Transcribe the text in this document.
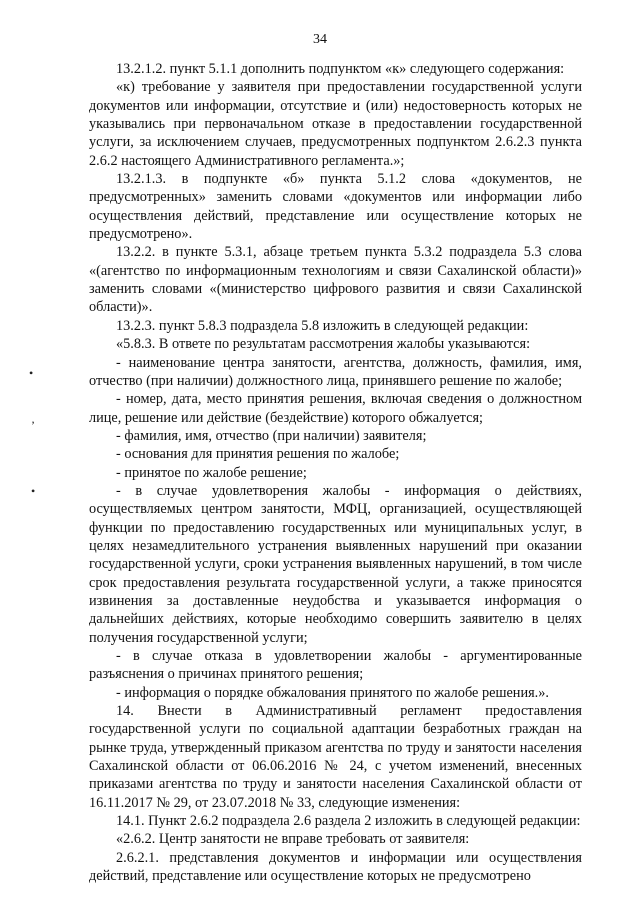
34
•
’
•

13.2.1.2. пункт 5.1.1 дополнить подпунктом «к» следующего содержания:

«к) требование у заявителя при предоставлении государственной услуги документов или информации, отсутствие и (или) недостоверность которых не указывались при первоначальном отказе в предоставлении государственной услуги, за исключением случаев, предусмотренных подпунктом 2.6.2.3 пункта 2.6.2 настоящего Административного регламента.»;

13.2.1.3. в подпункте «б» пункта 5.1.2 слова «документов, не предусмотренных» заменить словами «документов или информации либо осуществления действий, представление или осуществление которых не предусмотрено».

13.2.2. в пункте 5.3.1, абзаце третьем пункта 5.3.2 подраздела 5.3 слова «(агентство по информационным технологиям и связи Сахалинской области)» заменить словами «(министерство цифрового развития и связи Сахалинской области)».

13.2.3. пункт 5.8.3 подраздела 5.8 изложить в следующей редакции:

«5.8.3. В ответе по результатам рассмотрения жалобы указываются:

- наименование центра занятости, агентства, должность, фамилия, имя, отчество (при наличии) должностного лица, принявшего решение по жалобе;

- номер, дата, место принятия решения, включая сведения о должностном лице, решение или действие (бездействие) которого обжалуется;

- фамилия, имя, отчество (при наличии) заявителя;

- основания для принятия решения по жалобе;

- принятое по жалобе решение;

- в случае удовлетворения жалобы - информация о действиях, осуществляемых центром занятости, МФЦ, организацией, осуществляющей функции по предоставлению государственных или муниципальных услуг, в целях незамедлительного устранения выявленных нарушений при оказании государственной услуги, сроки устранения выявленных нарушений, в том числе срок предоставления результата государственной услуги, а также приносятся извинения за доставленные неудобства и указывается информация о дальнейших действиях, которые необходимо совершить заявителю в целях получения государственной услуги;

- в случае отказа в удовлетворении жалобы - аргументированные разъяснения о причинах принятого решения;

- информация о порядке обжалования принятого по жалобе решения.».

14. Внести в Административный регламент предоставления государственной услуги по социальной адаптации безработных граждан на рынке труда, утвержденный приказом агентства по труду и занятости населения Сахалинской области от 06.06.2016 № 24, с учетом изменений, внесенных приказами агентства по труду и занятости населения Сахалинской области от 16.11.2017 № 29, от 23.07.2018 № 33, следующие изменения:

14.1. Пункт 2.6.2 подраздела 2.6 раздела 2 изложить в следующей редакции:

«2.6.2. Центр занятости не вправе требовать от заявителя:

2.6.2.1. представления документов и информации или осуществления действий, представление или осуществление которых не предусмотрено
